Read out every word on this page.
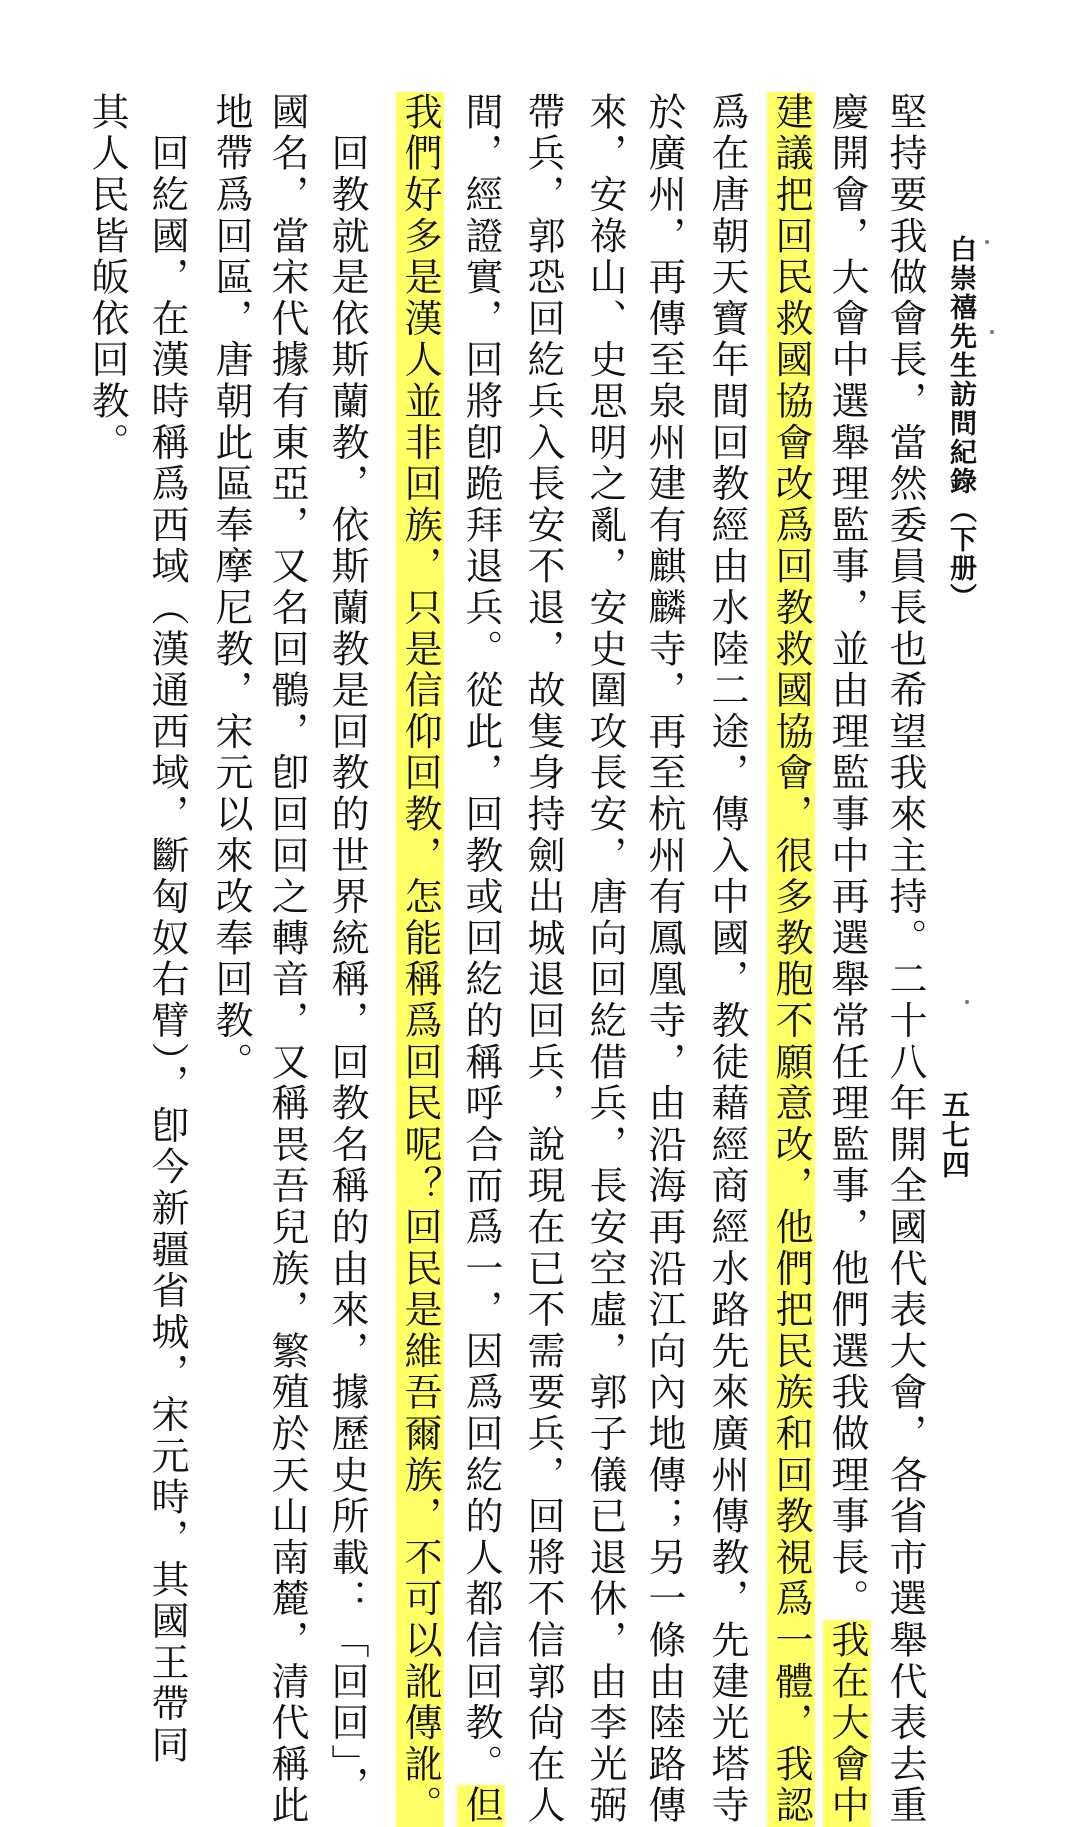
白崇禧先生訪問紀錄（下册）
五七四
堅持要我做會長，當然委員長也希望我來主持。二十八年開全國代表大會，各省市選舉代表去重
慶開會，大會中選舉理監事，並由理監事中再選舉常任理監事，他們選我做理事長。我在大會中
建議把回民救國協會改爲回教救國協會，很多教胞不願意改，他們把民族和回教視爲一體，我認
爲在唐朝天寶年間回教經由水陸二途，傳入中國，教徒藉經商經水路先來廣州傳教，先建光塔寺
於廣州，再傳至泉州建有麒麟寺，再至杭州有鳳凰寺，由沿海再沿江向內地傳；另一條由陸路傳
來，安祿山、史思明之亂，安史圍攻長安，唐向回紇借兵，長安空虛，郭子儀已退休，由李光弼
帶兵，郭恐回紇兵入長安不退，故隻身持劍出城退回兵，說現在已不需要兵，回將不信郭尙在人
間，經證實，回將卽跪拜退兵。從此，回教或回紇的稱呼合而爲一，因爲回紇的人都信回教。但
我們好多是漢人並非回族，只是信仰回教，怎能稱爲回民呢？回民是維吾爾族，不可以訛傳訛。
　回教就是依斯蘭教，依斯蘭教是回教的世界統稱，回教名稱的由來，據歷史所載：「回回」，
國名，當宋代據有東亞，又名回鶻，卽回回之轉音，又稱畏吾兒族，繁殖於天山南麓，清代稱此
地帶爲回區，唐朝此區奉摩尼教，宋元以來改奉回教。
　回紇國，在漢時稱爲西域（漢通西域，斷匈奴右臂），卽今新疆省城，宋元時，其國王帶同
其人民皆皈依回教。
